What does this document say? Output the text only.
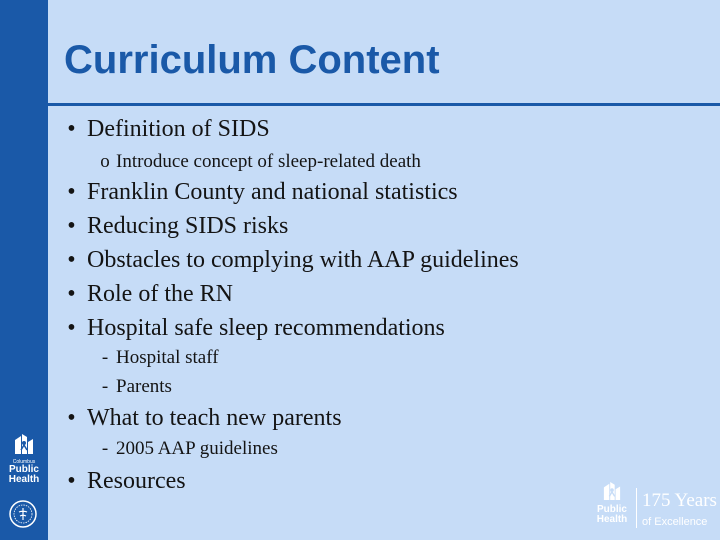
Curriculum Content
• Definition of SIDS
o Introduce concept of sleep-related death
• Franklin County and national statistics
• Reducing SIDS risks
• Obstacles to complying with AAP guidelines
• Role of the RN
• Hospital safe sleep recommendations
- Hospital staff
- Parents
• What to teach new parents
- 2005 AAP guidelines
• Resources
Columbus
Public
Health
Public
Health
175 Years
of Excellence
